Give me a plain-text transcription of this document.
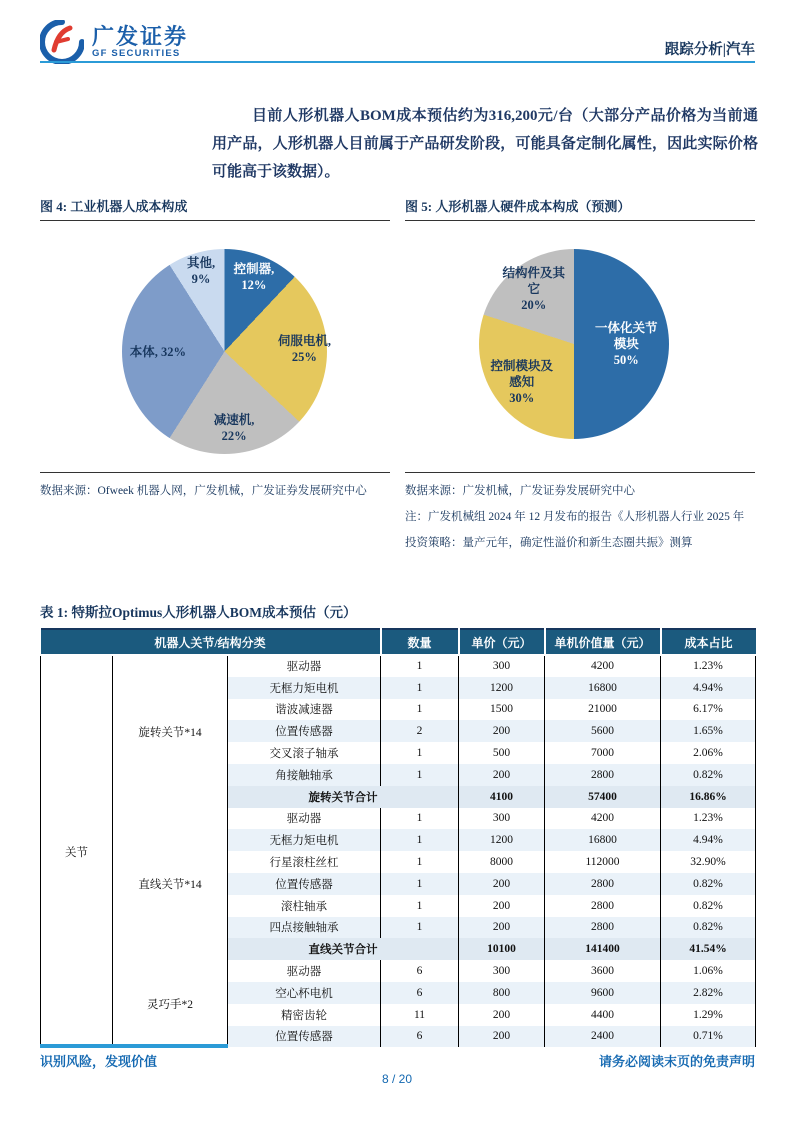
广发证券
GF SECURITIES	跟踪分析|汽车
目前人形机器人BOM成本预估约为316,200元/台（大部分产品价格为当前通用产品，人形机器人目前属于产品研发阶段，可能具备定制化属性，因此实际价格可能高于该数据）。
图 4: 工业机器人成本构成
控制器,
12%
伺服电机,
25%
减速机,
22%
本体, 32%
其他,
9%
数据来源：Ofweek 机器人网，广发机械，广发证券发展研究中心
图 5: 人形机器人硬件成本构成（预测）
一体化关节
模块
50%
控制模块及
感知
30%
结构件及其
它
20%
数据来源：广发机械，广发证券发展研究中心
注：广发机械组 2024 年 12 月发布的报告《人形机器人行业 2025 年投资策略：量产元年，确定性溢价和新生态圈共振》测算
表 1: 特斯拉Optimus人形机器人BOM成本预估（元）
机器人关节/结构分类			数量	单价（元）	单机价值量（元）	成本占比
关节	旋转关节*14	驱动器	1	300	4200	1.23%
		无框力矩电机	1	1200	16800	4.94%
		谐波减速器	1	1500	21000	6.17%
		位置传感器	2	200	5600	1.65%
		交叉滚子轴承	1	500	7000	2.06%
		角接触轴承	1	200	2800	0.82%
		旋转关节合计		4100	57400	16.86%
	直线关节*14	驱动器	1	300	4200	1.23%
		无框力矩电机	1	1200	16800	4.94%
		行星滚柱丝杠	1	8000	112000	32.90%
		位置传感器	1	200	2800	0.82%
		滚柱轴承	1	200	2800	0.82%
		四点接触轴承	1	200	2800	0.82%
		直线关节合计		10100	141400	41.54%
	灵巧手*2	驱动器	6	300	3600	1.06%
		空心杯电机	6	800	9600	2.82%
		精密齿轮	11	200	4400	1.29%
		位置传感器	6	200	2400	0.71%
识别风险，发现价值	请务必阅读末页的免责声明
8 / 20
